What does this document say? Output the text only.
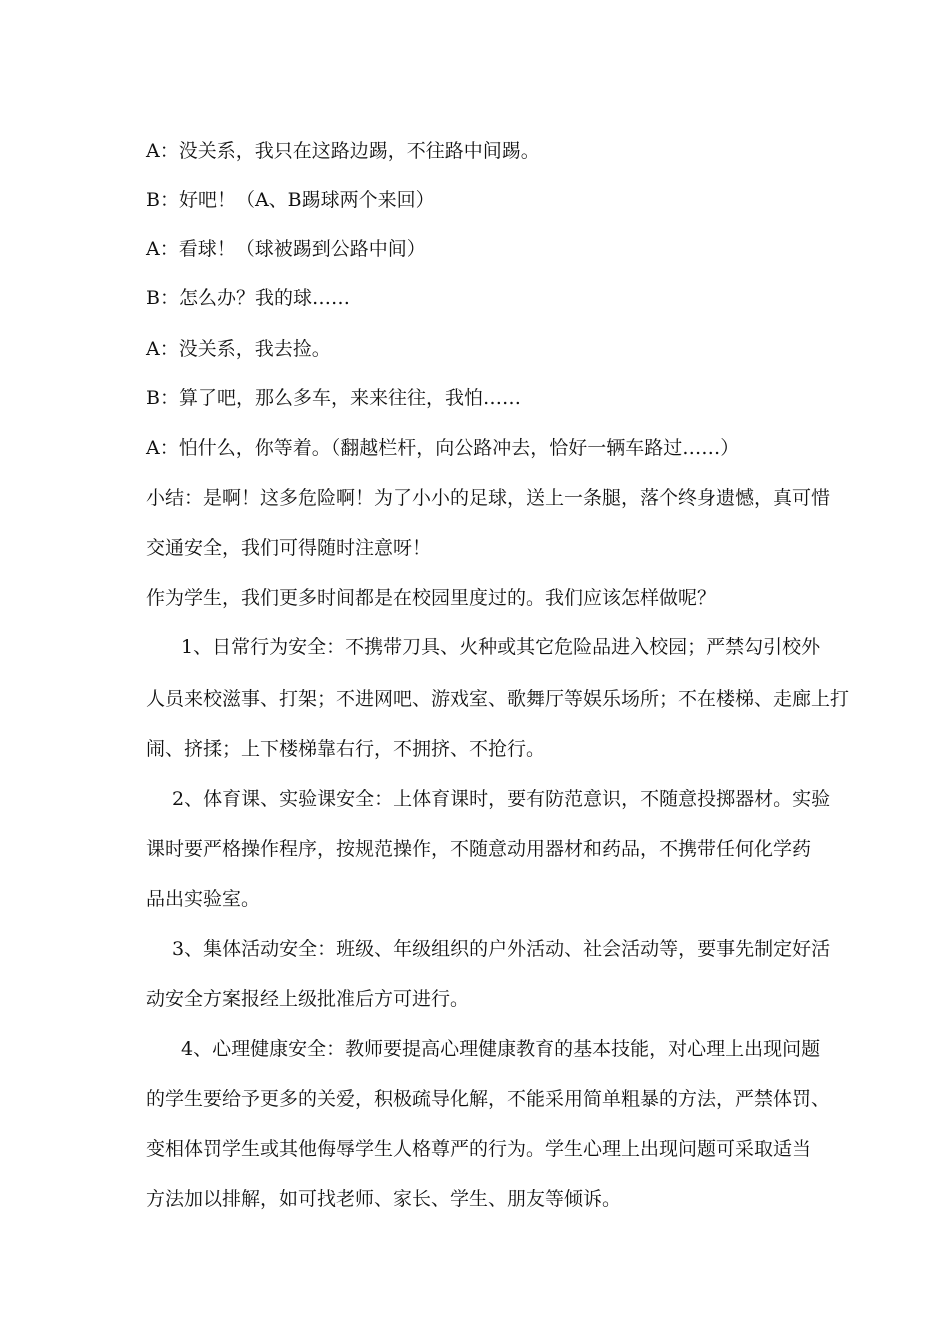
A：没关系，我只在这路边踢，不往路中间踢。

B：好吧！（A、B踢球两个来回）

A：看球！（球被踢到公路中间）

B：怎么办？我的球……

A：没关系，我去捡。

B：算了吧，那么多车，来来往往，我怕……

A：怕什么，你等着。（翻越栏杆，向公路冲去，恰好一辆车路过……）

小结：是啊！这多危险啊！为了小小的足球，送上一条腿，落个终身遗憾，真可惜

交通安全，我们可得随时注意呀！

作为学生，我们更多时间都是在校园里度过的。我们应该怎样做呢？

1、日常行为安全：不携带刀具、火种或其它危险品进入校园；严禁勾引校外

人员来校滋事、打架；不进网吧、游戏室、歌舞厅等娱乐场所；不在楼梯、走廊上打

闹、挤揉；上下楼梯靠右行，不拥挤、不抢行。

2、体育课、实验课安全：上体育课时，要有防范意识，不随意投掷器材。实验

课时要严格操作程序，按规范操作，不随意动用器材和药品，不携带任何化学药

品出实验室。

3、集体活动安全：班级、年级组织的户外活动、社会活动等，要事先制定好活

动安全方案报经上级批准后方可进行。

4、心理健康安全：教师要提高心理健康教育的基本技能，对心理上出现问题

的学生要给予更多的关爱，积极疏导化解，不能采用简单粗暴的方法，严禁体罚、

变相体罚学生或其他侮辱学生人格尊严的行为。学生心理上出现问题可采取适当

方法加以排解，如可找老师、家长、学生、朋友等倾诉。
